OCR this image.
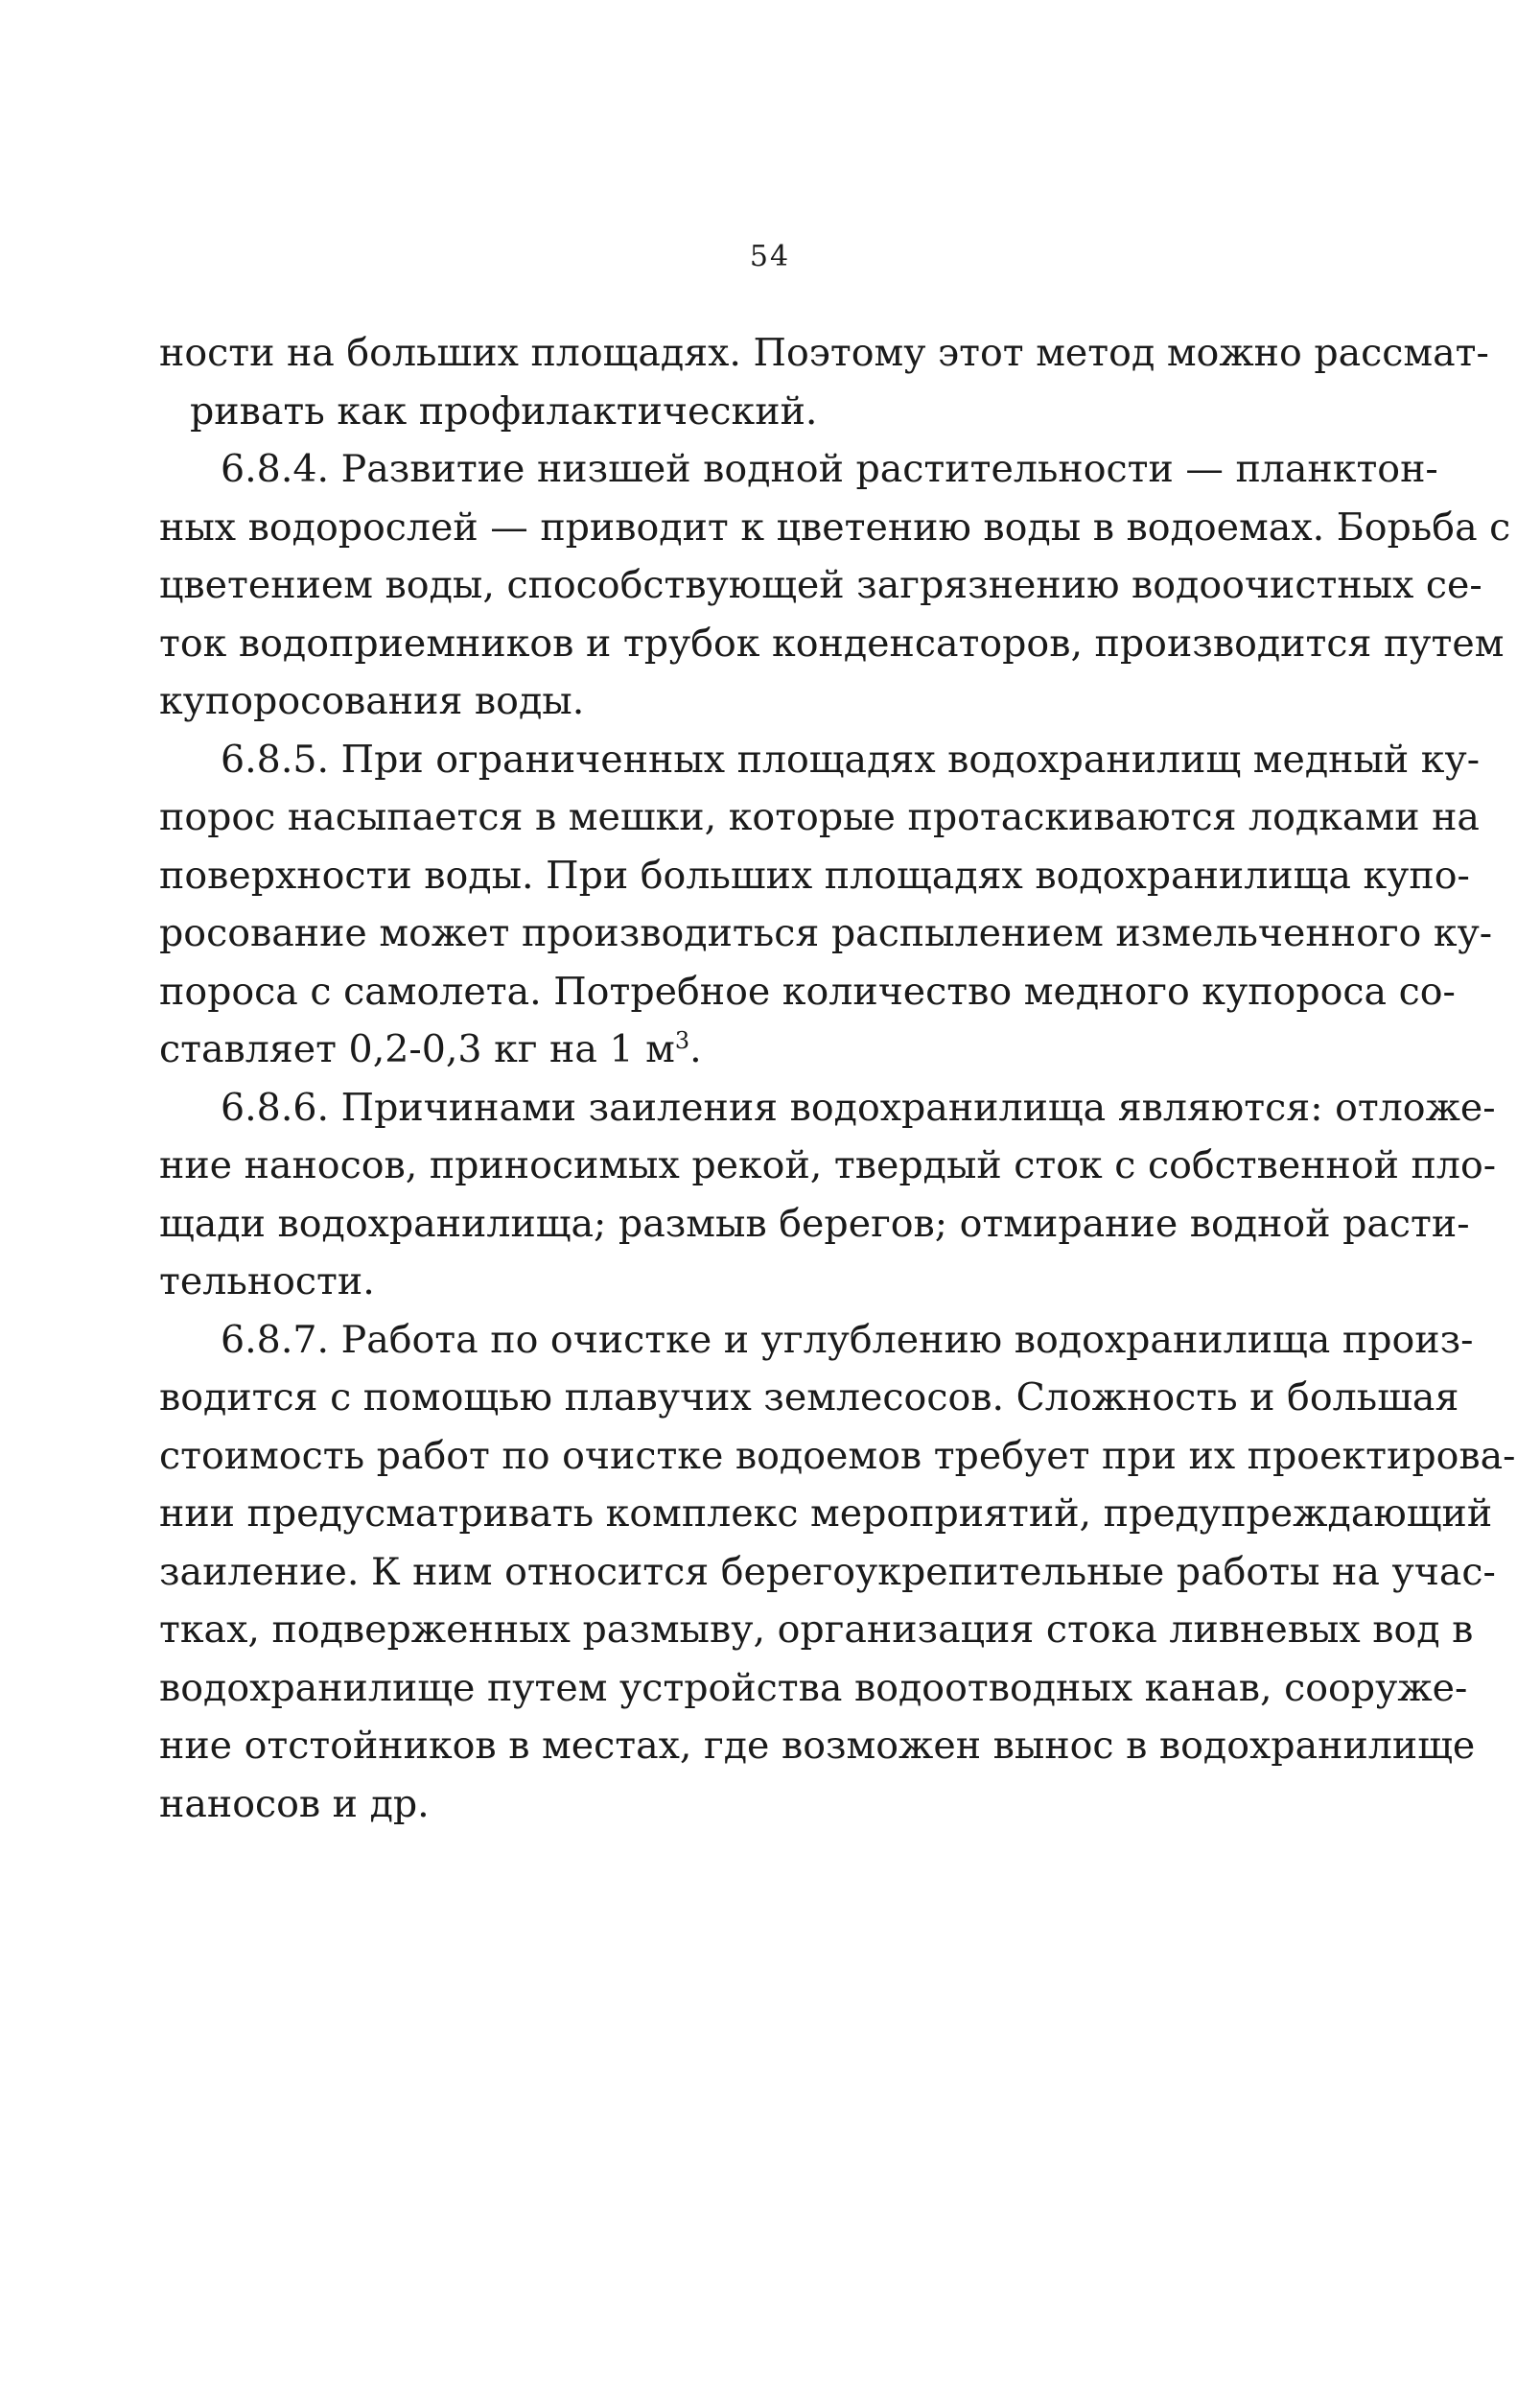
54
ности на больших площадях. Поэтому этот метод можно рассмат-
ривать как профилактический.
6.8.4. Развитие низшей водной растительности — планктон-
ных водорослей — приводит к цветению воды в водоемах. Борьба с
цветением воды, способствующей загрязнению водоочистных се-
ток водоприемников и трубок конденсаторов, производится путем
купоросования воды.
6.8.5. При ограниченных площадях водохранилищ медный ку-
порос насыпается в мешки, которые протаскиваются лодками на
поверхности воды. При больших площадях водохранилища купо-
росование может производиться распылением измельченного ку-
пороса с самолета. Потребное количество медного купороса со-
ставляет 0,2-0,3 кг на 1 $м^3$.
6.8.6. Причинами заиления водохранилища являются: отложе-
ние наносов, приносимых рекой, твердый сток с собственной пло-
щади водохранилища; размыв берегов; отмирание водной расти-
тельности.
6.8.7. Работа по очистке и углублению водохранилища произ-
водится с помощью плавучих землесосов. Сложность и большая
стоимость работ по очистке водоемов требует при их проектирова-
нии предусматривать комплекс мероприятий, предупреждающий
заиление. К ним относится берегоукрепительные работы на учас-
тках, подверженных размыву, организация стока ливневых вод в
водохранилище путем устройства водоотводных канав, сооруже-
ние отстойников в местах, где возможен вынос в водохранилище
наносов и др.
